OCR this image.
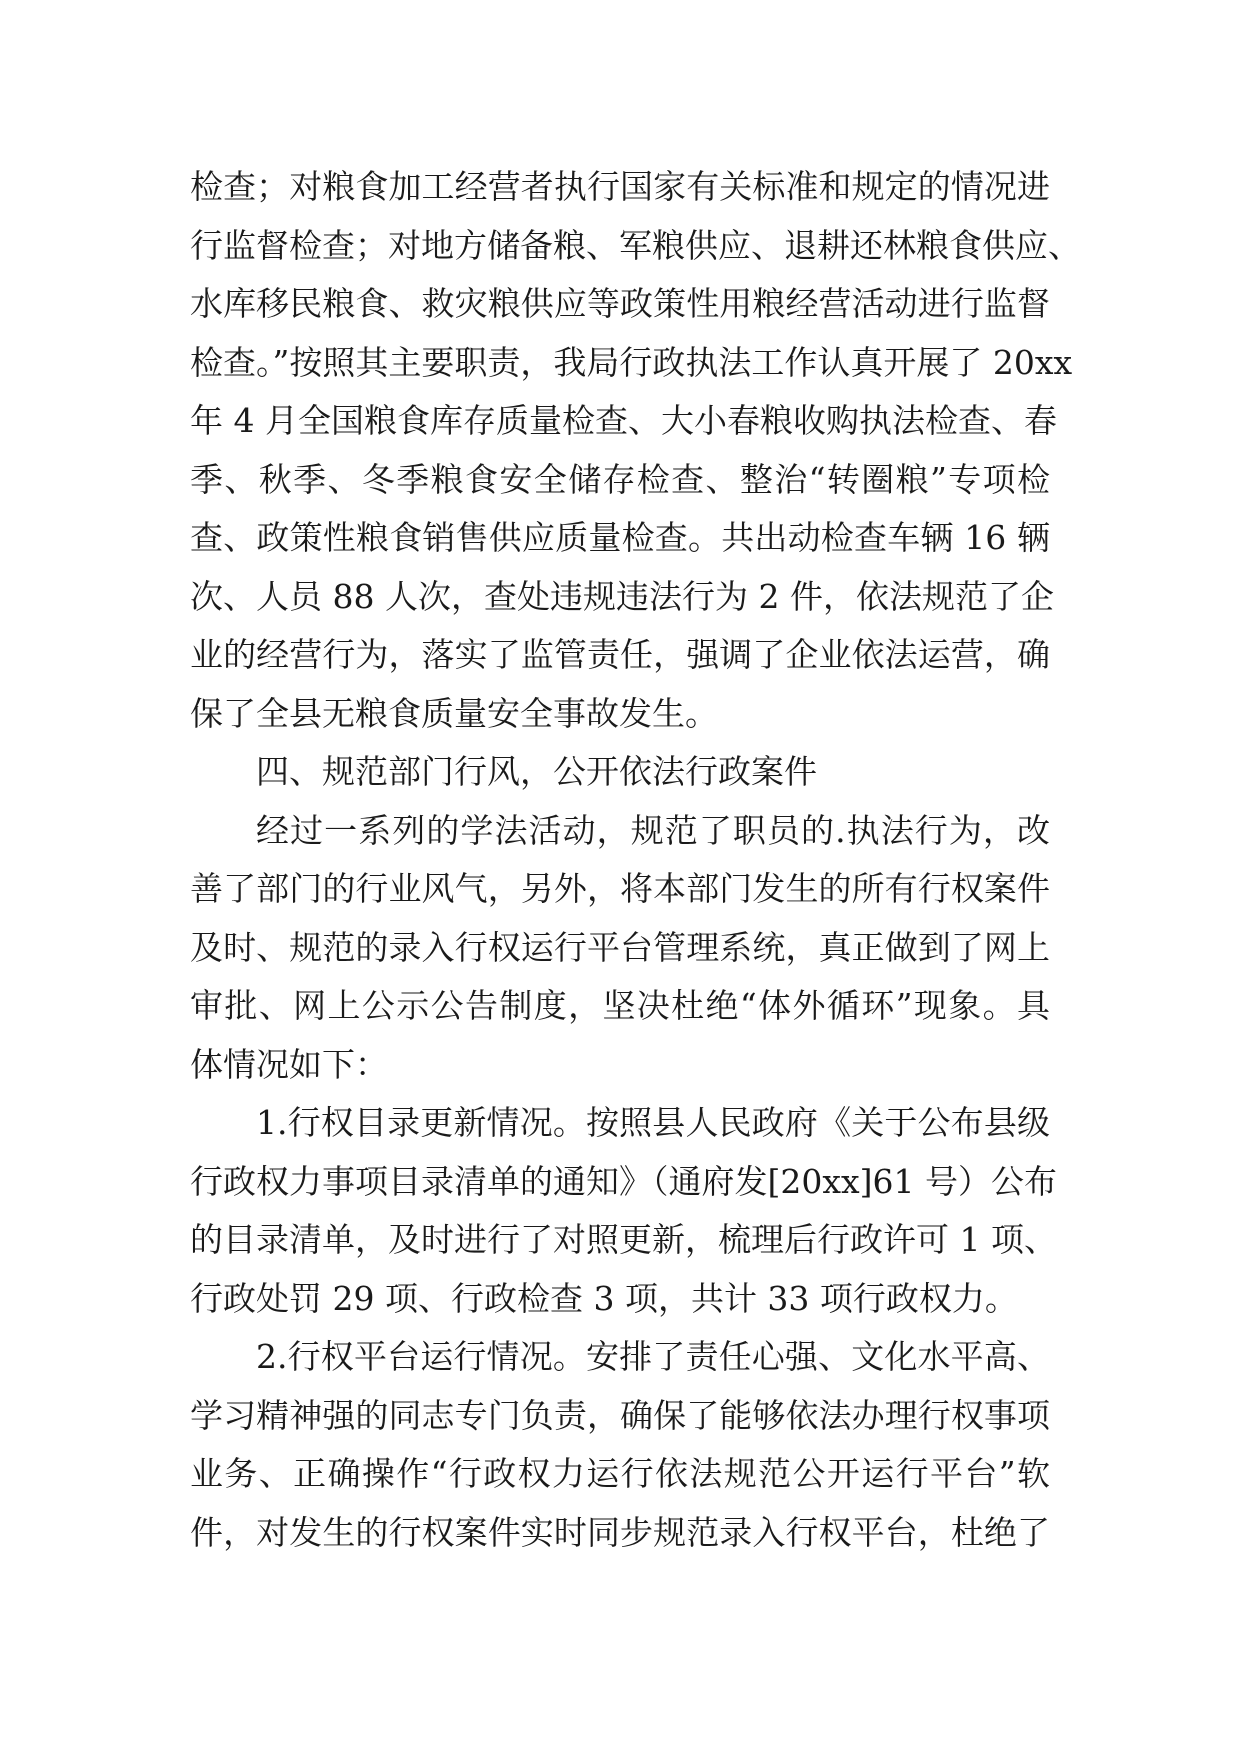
检查；对粮食加工经营者执行国家有关标准和规定的情况进
行监督检查；对地方储备粮、军粮供应、退耕还林粮食供应、
水库移民粮食、救灾粮供应等政策性用粮经营活动进行监督
检查。”按照其主要职责，我局行政执法工作认真开展了 20xx
年 4 月全国粮食库存质量检查、大小春粮收购执法检查、春
季、秋季、冬季粮食安全储存检查、整治“转圈粮”专项检
查、政策性粮食销售供应质量检查。共出动检查车辆 16 辆
次、人员 88 人次，查处违规违法行为 2 件，依法规范了企
业的经营行为，落实了监管责任，强调了企业依法运营，确
保了全县无粮食质量安全事故发生。
四、规范部门行风，公开依法行政案件
经过一系列的学法活动，规范了职员的.执法行为，改
善了部门的行业风气，另外，将本部门发生的所有行权案件
及时、规范的录入行权运行平台管理系统，真正做到了网上
审批、网上公示公告制度，坚决杜绝“体外循环”现象。具
体情况如下：
1.行权目录更新情况。按照县人民政府《关于公布县级
行政权力事项目录清单的通知》（通府发[20xx]61 号）公布
的目录清单，及时进行了对照更新，梳理后行政许可 1 项、
行政处罚 29 项、行政检查 3 项，共计 33 项行政权力。
2.行权平台运行情况。安排了责任心强、文化水平高、
学习精神强的同志专门负责，确保了能够依法办理行权事项
业务、正确操作“行政权力运行依法规范公开运行平台”软
件，对发生的行权案件实时同步规范录入行权平台，杜绝了
